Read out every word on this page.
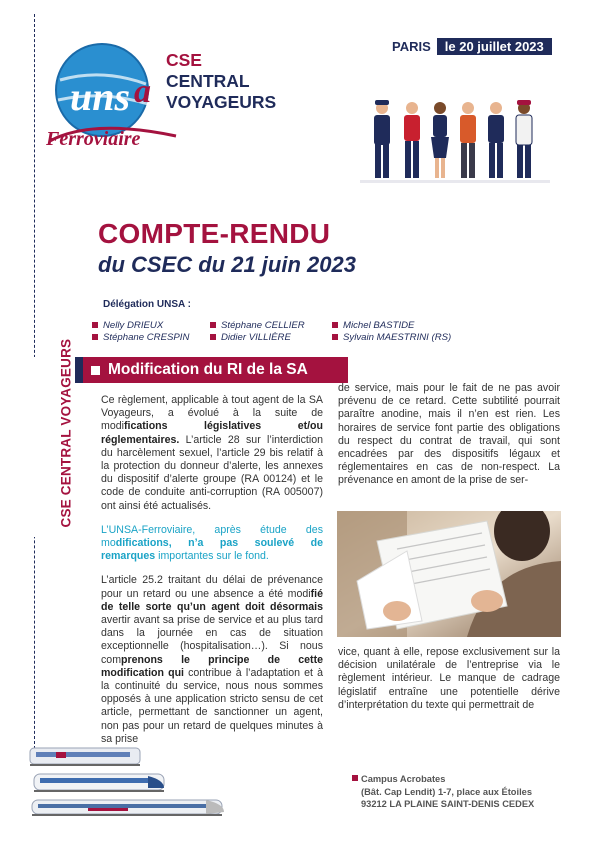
CSE CENTRAL VOYAGEURS
uns a
Ferroviaire
CSE
CENTRAL
VOYAGEURS
PARIS	le 20 juillet 2023
COMPTE-RENDU
du CSEC du 21 juin 2023
Délégation UNSA :
Nelly DRIEUX
Stéphane CRESPIN
Stéphane CELLIER
Didier VILLIÈRE
Michel BASTIDE
Sylvain MAESTRINI (RS)
Modification du RI de la SA

Ce règlement, applicable à tout agent de la SA Voyageurs, a évolué à la suite de modifications législatives et/ou réglementaires. L’article 28 sur l’interdiction du harcèlement sexuel, l’article 29 bis relatif à la protection du donneur d’alerte, les annexes du dispositif d’alerte groupe (RA 00124) et le code de conduite anti-corruption (RA 005007) ont ainsi été actualisés.

L’UNSA-Ferroviaire, après étude des modifications, n’a pas soulevé de remarques importantes sur le fond.

L’article 25.2 traitant du délai de prévenance pour un retard ou une absence a été modifié de telle sorte qu’un agent doit désormais avertir avant sa prise de service et au plus tard dans la journée en cas de situation exceptionnelle (hospitalisation…). Si nous comprenons le principe de cette modification qui contribue à l’adaptation et à la continuité du service, nous nous sommes opposés à une application stricto sensu de cet article, permettant de sanctionner un agent, non pas pour un retard de quelques minutes à sa prise

de service, mais pour le fait de ne pas avoir prévenu de ce retard. Cette subtilité pourrait paraître anodine, mais il n’en est rien. Les horaires de service font partie des obligations du respect du contrat de travail, qui sont encadrées par des dispositifs légaux et réglementaires en cas de non-respect. La prévenance en amont de la prise de ser-

vice, quant à elle, repose exclusivement sur la décision unilatérale de l’entreprise via le règlement intérieur. Le manque de cadrage législatif entraîne une potentielle dérive d’interprétation du texte qui permettrait de

Campus Acrobates
(Bât. Cap Lendit) 1-7, place aux Étoiles
93212 LA PLAINE SAINT-DENIS CEDEX
